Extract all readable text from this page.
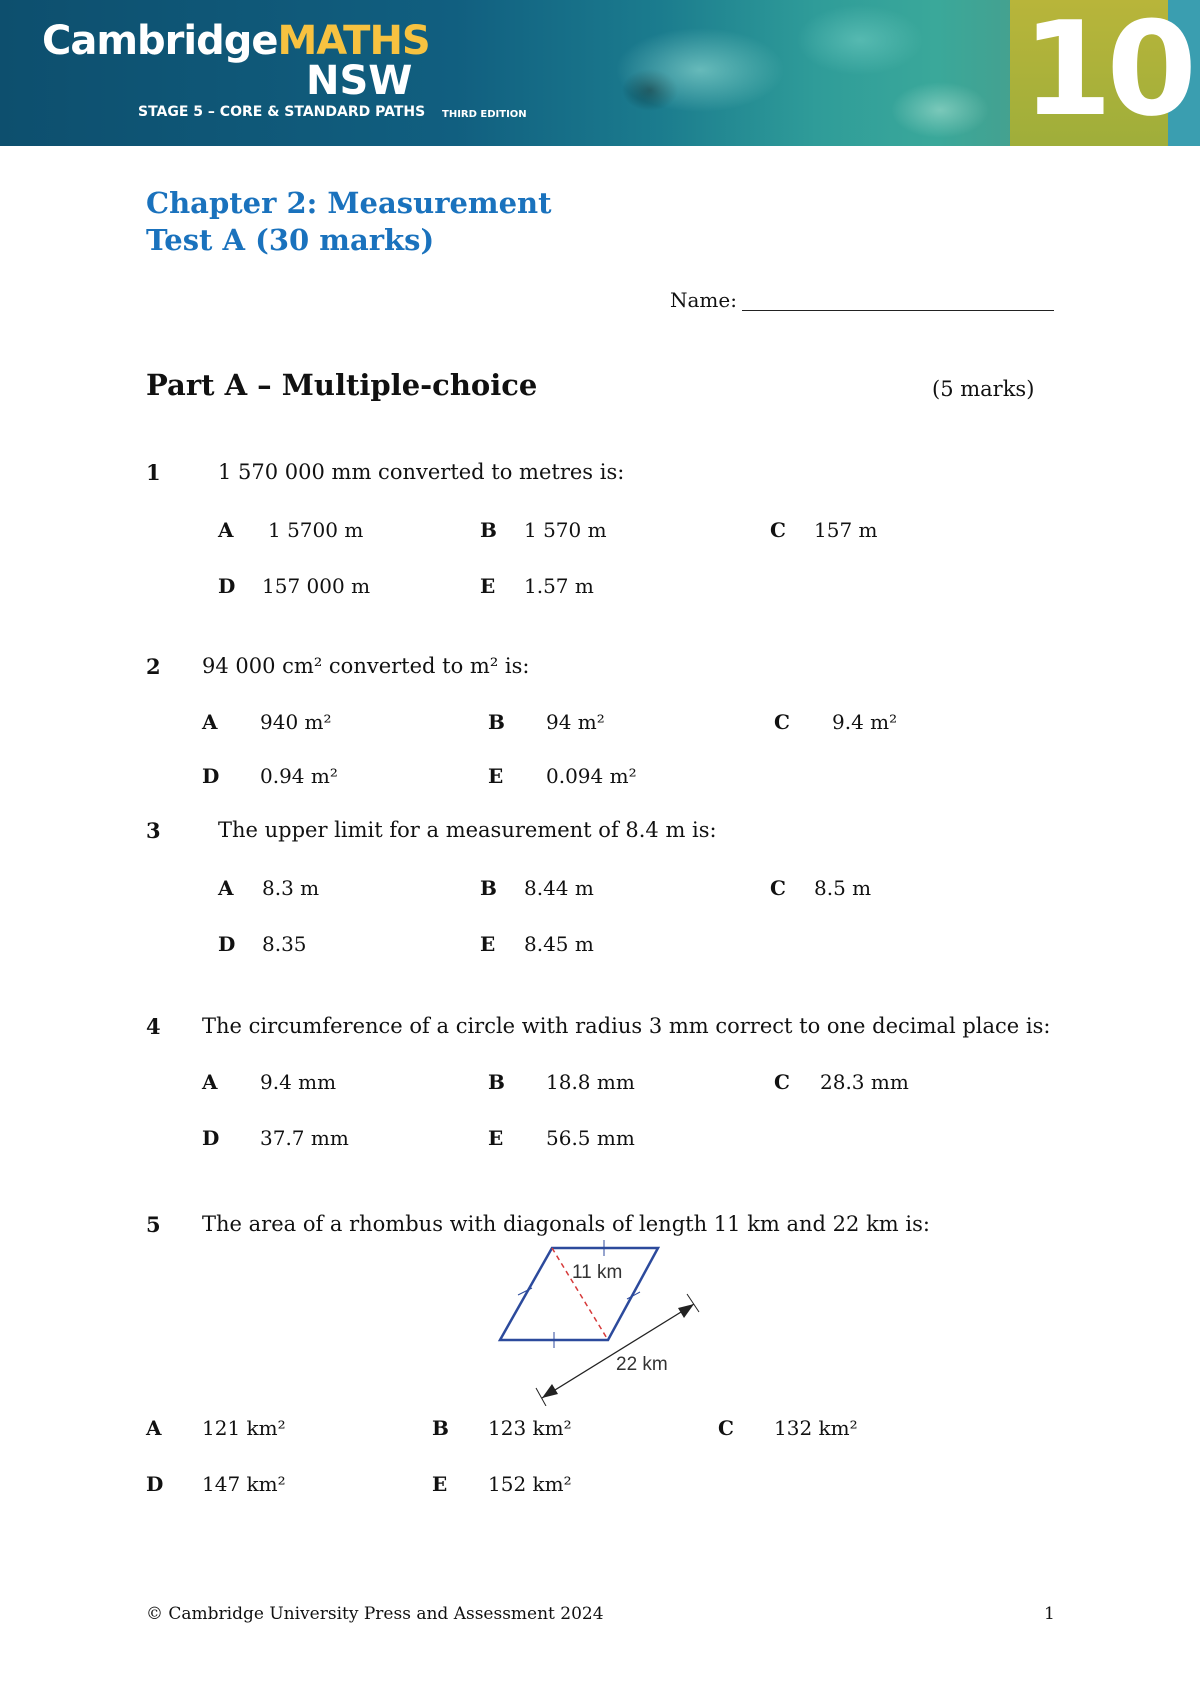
CambridgeMATHS
NSW
STAGE 5 – CORE & STANDARD PATHS THIRD EDITION	10
Chapter 2: Measurement
Test A (30 marks)
Name:
Part A – Multiple-choice	(5 marks)
1	1 570 000 mm converted to metres is:
A 1 5700 m	B 1 570 m	C 157 m
D 157 000 m	E 1.57 m
2 94 000 cm² converted to m² is:
A 940 m²	B 94 m²	C 9.4 m²
D 0.94 m²	E 0.094 m²
3	The upper limit for a measurement of 8.4 m is:
A 8.3 m	B 8.44 m	C 8.5 m
D 8.35	E 8.45 m
4 The circumference of a circle with radius 3 mm correct to one decimal place is:
A 9.4 mm	B 18.8 mm	C 28.3 mm
D 37.7 mm	E 56.5 mm
5 The area of a rhombus with diagonals of length 11 km and 22 km is:
11 km
22 km
A 121 km²	B 123 km²	C 132 km²
D 147 km²	E 152 km²
© Cambridge University Press and Assessment 2024	1
